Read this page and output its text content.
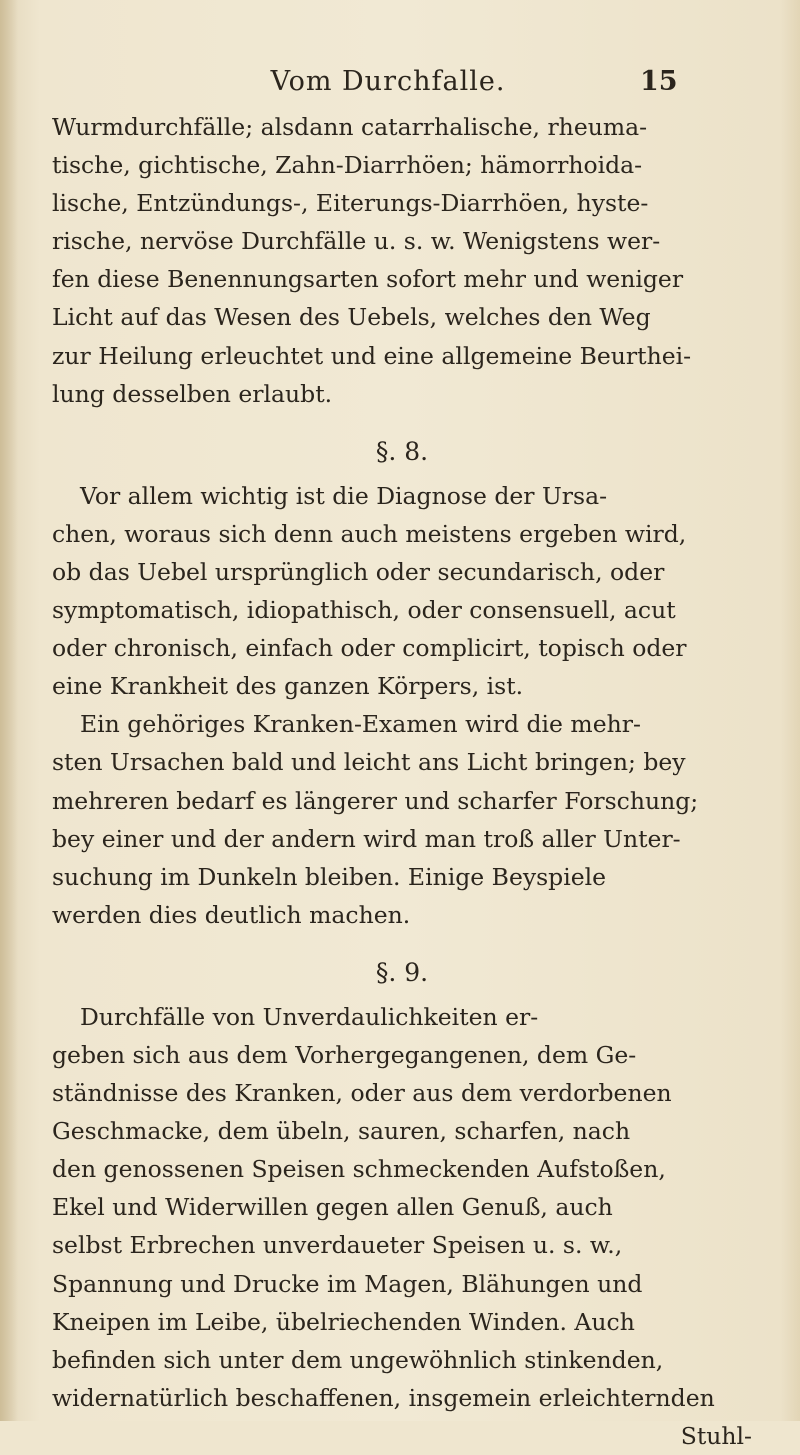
Vom Durchfalle.	15
Wurmdurchfälle; alsdann catarrhalische, rheuma-
tische, gichtische, Zahn-Diarrhöen; hämorrhoida-
lische, Entzündungs-, Eiterungs-Diarrhöen, hyste-
rische, nervöse Durchfälle u. s. w. Wenigstens wer-
fen diese Benennungsarten sofort mehr und weniger
Licht auf das Wesen des Uebels, welches den Weg
zur Heilung erleuchtet und eine allgemeine Beurthei-
lung desselben erlaubt.
§. 8.
Vor allem wichtig ist die Diagnose der Ursa-
chen, woraus sich denn auch meistens ergeben wird,
ob das Uebel ursprünglich oder secundarisch, oder
symptomatisch, idiopathisch, oder consensuell, acut
oder chronisch, einfach oder complicirt, topisch oder
eine Krankheit des ganzen Körpers, ist.
Ein gehöriges Kranken-Examen wird die mehr-
sten Ursachen bald und leicht ans Licht bringen; bey
mehreren bedarf es längerer und scharfer Forschung;
bey einer und der andern wird man troß aller Unter-
suchung im Dunkeln bleiben. Einige Beyspiele
werden dies deutlich machen.
§. 9.
Durchfälle von Unverdaulichkeiten er-
geben sich aus dem Vorhergegangenen, dem Ge-
ständnisse des Kranken, oder aus dem verdorbenen
Geschmacke, dem übeln, sauren, scharfen, nach
den genossenen Speisen schmeckenden Aufstoßen,
Ekel und Widerwillen gegen allen Genuß, auch
selbst Erbrechen unverdaueter Speisen u. s. w.,
Spannung und Drucke im Magen, Blähungen und
Kneipen im Leibe, übelriechenden Winden. Auch
befinden sich unter dem ungewöhnlich stinkenden,
widernatürlich beschaffenen, insgemein erleichternden
Stuhl-
